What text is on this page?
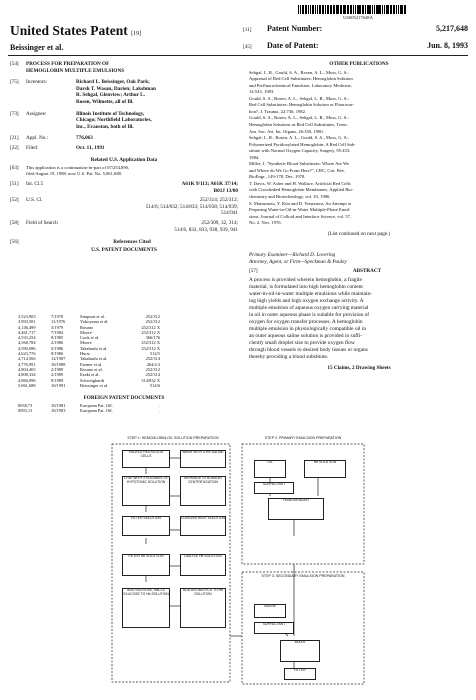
US005217648A
United States Patent [19]
Beissinger et al.
[11] Patent Number:	5,217,648
[45] Date of Patent:	Jun. 8, 1993
[54]	PROCESS FOR PREPARATION OF
HEMOGLOBIN MULTIPLE EMULSIONS
[75]	Inventors:	Richard L. Beissinger, Oak Park;
Darsh T. Wasan, Darien; Lakshman
R. Sehgal, Glenview; Arthur L.
Rosen, Wilmette, all of Ill.
[73]	Assignee:	Illinois Institute of Technology,
Chicago; Northfield Laboratories,
Inc., Evanston, both of Ill.
[21]	Appl. No.:	776,063
[22]	Filed:	Oct. 11, 1991
Related U.S. Application Data
[63]	This application is a continuation-in-part of 07/254,890,
filed August 19, 1988, now U.S. Pat. No. 5,061,688.
[51]	Int. Cl.5	A61K 9/113; A61K 37/14;
B01J 13/00
[52]	U.S. Cl.	252/314; 252/312;
514/6; 514/832; 514/833; 514/938; 514/939;
514/941
[58]	Field of Search	252/309, 32, 314;
514/6, 832, 833, 938, 939, 941
[56]	References Cited
U.S. PATENT DOCUMENTS
3,523,903	7/1970	Simpson et al.	252/312
3,993,581	11/1976	Yokoyama et al.	252/312
4,146,499	3/1979	Rosano	252/312 X
4,461,717	7/1984	Moore	252/312 X
4,533,254	8/1985	Cook et al.	366/176
4,568,784	2/1986	Moore	252/312 X
4,590,086	5/1986	Takahashi et al.	252/312 X
4,623,776	9/1986	Hurst	514/5
4,714,566	12/1987	Takahashi et al.	252/314
4,776,991	10/1988	Farmer et al.	264/4.3
4,804,465	2/1989	Rosano et al.	252/312
4,808,334	2/1989	Ezaki et al.	252/314
4,866,096	9/1989	Schweighardt	514/832 X
5,061,688	10/1991	Beissinger et al.	514/6
FOREIGN PATENT DOCUMENTS
0038,73	10/1981	European Pat. Off.	.
0093,13	10/1983	European Pat. Off.	.
OTHER PUBLICATIONS
Sehgal, L. R., Gould, S. A., Rosen, A. L., Moss, G. S.:
Appraisal of Red Cell Substitutes: Hemoglobin Solution
and Perfluorochemical Emulsion, Laboratory Medicine,
14:545, 1983.
Gould, S. A., Rosen, A. L., Sehgal, L. R., Moss, G. S.:
Red Cell Substitutes: Hemoglobin Solution or Fluorocar-
bon?, J. Trauma, 22:736, 1982.
Gould, S. A., Rosen, A. L., Sehgal, L. R., Moss, G. S.:
Hemoglobin Solutions as Red Cell Substitutes, Trans.
Am. Soc. Art. Int. Organs, 26:350, 1980.
Sehgal, L. R., Rosen, A. L., Gould, S. A., Moss, G. S.:
Polymerized Pyridoxylated Hemoglobin: A Red Cell Sub-
stitute with Normal Oxygen Capacity, Surgery, 95:433,
1984.
Miller, J. "Synthetic Blood Substitutes: Where Are We
and Where do We Go From Here?", CRC, Crit. Rev.
BioEngr., 149-178, Dec. 1978.
T. Davis, W. Asher and H. Wallace, Artificial Red Cells
with Crosslinked Hemoglobin Membranes, Applied Bio-
chemistry and Biotechnology, vol. 10, 1986.
S. Matsumoto, Y. Kita and D. Yonezawa, An Attempt at
Preparing Water-in-Oil-in-Water Multiple-Phase Emul-
sions, Journal of Colloid and Interface Science, vol. 57,
No. 2, Nov. 1976.
(List continued on next page.)
Primary Examiner—Richard D. Lovering
Attorney, Agent, or Firm—Speckman & Pauley
[57]	ABSTRACT
A process is provided wherein hemoglobin, a fragile
material, is formulated into high hemoglobin content
water-in-oil-in-water multiple emulsions while maintain-
ing high yields and high oxygen exchange activity. A
multiple emulsion of aqueous oxygen carrying material
in oil in outer aqueous phase is suitable for provision of
oxygen for oxygen transfer processes. A hemoglobin
multiple emulsion in physiologically compatible oil in
an outer aqueous saline solution is provided in suffi-
ciently small droplet size to provide oxygen flow
through blood vessels to desired body tissues or organs
thereby providing a blood substitute.
15 Claims, 2 Drawing Sheets
STEP 1: HEMOGLOBIN-OIL SOLUTION PREPARATION	STEP 2: PRIMARY EMULSION PREPARATION
STEP 3: SECONDARY EMULSION PREPARATION
PACKED RED BLOOD CELLS
WASH WITH 0.9% SALINE
LYSE WITH 3 VOLUMES OF HYPOTONIC SOLUTION
SEPARATE STROMA BY CENTRIFUGATION
FILTER SOLUTION	CONCENTRATE SOLUTION
FILTER Hb SOLUTION	DIALYZE Hb SOLUTION
ADD SUCROSE, NaCl & GLUCOSE TO Hb SOLUTION
ADD ANTIBIOTICS TO Hb SOLUTION
OIL	Hb SOLUTION
SURFACTANT
HOMOGENIZER
SALINE
SURFACTANT
MIXER
FILTER
